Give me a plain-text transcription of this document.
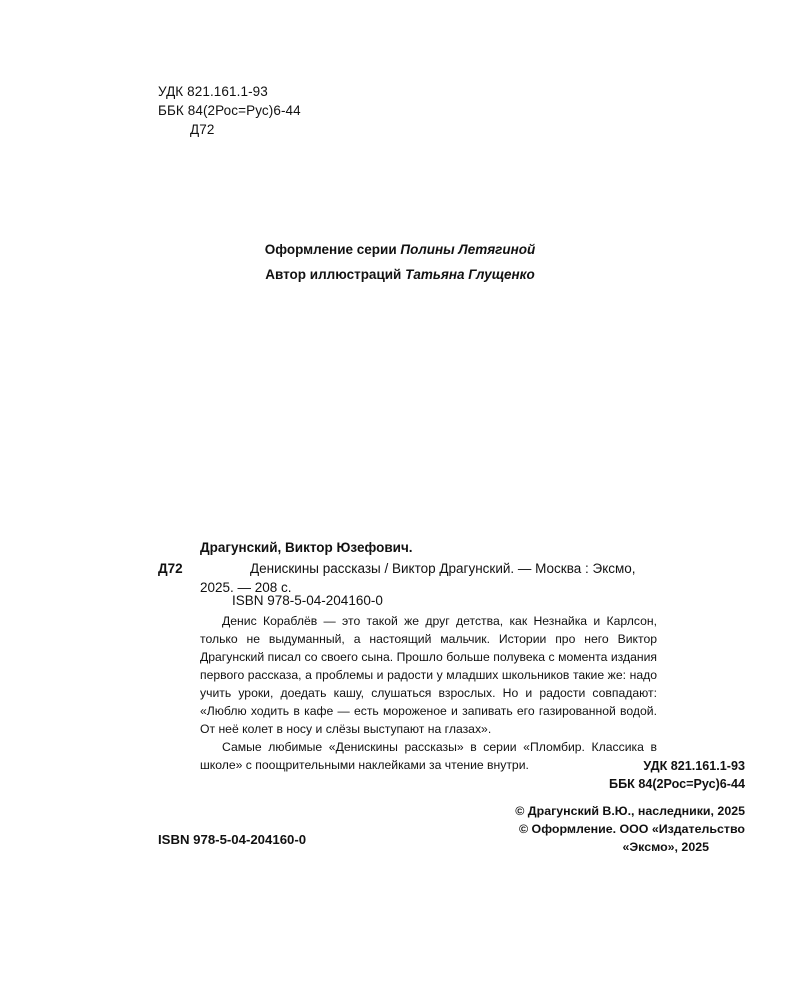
УДК 821.161.1-93
ББК 84(2Рос=Рус)6-44
Д72
Оформление серии Полины Летягиной
Автор иллюстраций Татьяна Глущенко
Драгунский, Виктор Юзефович.
Д72	Денискины рассказы / Виктор Драгунский. — Москва : Эксмо, 2025. — 208 с.
ISBN 978-5-04-204160-0

Денис Кораблёв — это такой же друг детства, как Незнайка и Карлсон, только не выдуманный, а настоящий мальчик. Истории про него Виктор Драгунский писал со своего сына. Прошло больше полувека с момента издания первого рассказа, а проблемы и радости у младших школьников такие же: надо учить уроки, доедать кашу, слушаться взрослых. Но и радости совпадают: «Люблю ходить в кафе — есть мороженое и запивать его газированной водой. От неё колет в носу и слёзы выступают на глазах».

Самые любимые «Денискины рассказы» в серии «Пломбир. Классика в школе» с поощрительными наклейками за чтение внутри.	УДК 821.161.1-93
ББК 84(2Рос=Рус)6-44
© Драгунский В.Ю., наследники, 2025
© Оформление. ООО «Издательство
«Эксмо», 2025
ISBN 978-5-04-204160-0
